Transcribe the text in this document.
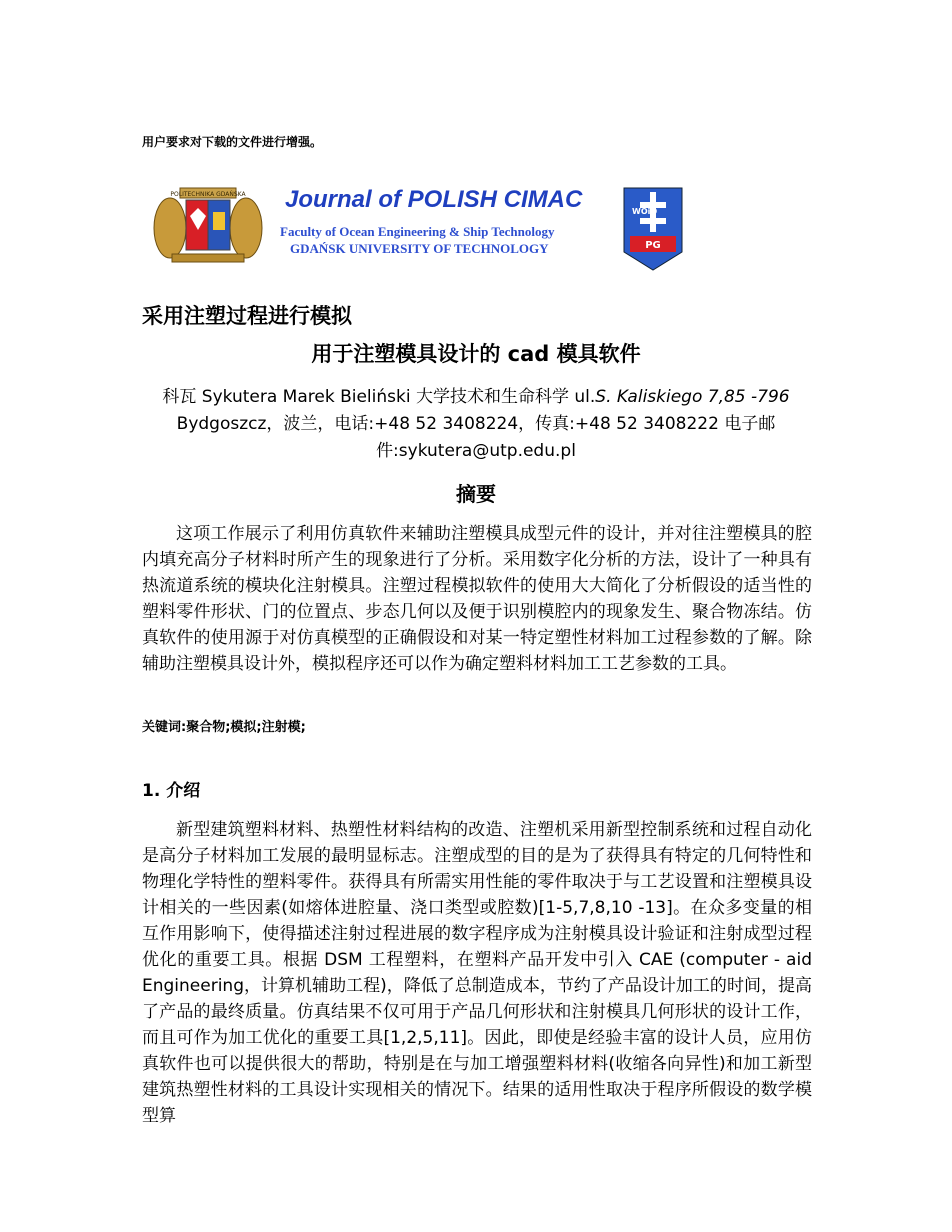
用户要求对下载的文件进行增强。
POLITECHNIKA GDAŃSKA Journal of POLISH CIMAC
Faculty of Ocean Engineering & Ship Technology
GDAŃSK UNIVERSITY OF TECHNOLOGY
WOiO
PG
采用注塑过程进行模拟
用于注塑模具设计的 cad 模具软件
科瓦 Sykutera Marek Bieliński 大学技术和生命科学 ul.S. Kaliskiego 7,85 -796 Bydgoszcz，波兰，电话:+48 52 3408224，传真:+48 52 3408222 电子邮件:sykutera@utp.edu.pl
摘要
这项工作展示了利用仿真软件来辅助注塑模具成型元件的设计，并对往注塑模具的腔内填充高分子材料时所产生的现象进行了分析。采用数字化分析的方法，设计了一种具有热流道系统的模块化注射模具。注塑过程模拟软件的使用大大简化了分析假设的适当性的塑料零件形状、门的位置点、步态几何以及便于识别模腔内的现象发生、聚合物冻结。仿真软件的使用源于对仿真模型的正确假设和对某一特定塑性材料加工过程参数的了解。除辅助注塑模具设计外，模拟程序还可以作为确定塑料材料加工工艺参数的工具。
关键词:聚合物;模拟;注射模;
1. 介绍
新型建筑塑料材料、热塑性材料结构的改造、注塑机采用新型控制系统和过程自动化是高分子材料加工发展的最明显标志。注塑成型的目的是为了获得具有特定的几何特性和物理化学特性的塑料零件。获得具有所需实用性能的零件取决于与工艺设置和注塑模具设计相关的一些因素(如熔体进腔量、浇口类型或腔数)[1-5,7,8,10 -13]。在众多变量的相互作用影响下，使得描述注射过程进展的数字程序成为注射模具设计验证和注射成型过程优化的重要工具。根据 DSM 工程塑料，在塑料产品开发中引入 CAE (computer - aid Engineering，计算机辅助工程)，降低了总制造成本，节约了产品设计加工的时间，提高了产品的最终质量。仿真结果不仅可用于产品几何形状和注射模具几何形状的设计工作，而且可作为加工优化的重要工具[1,2,5,11]。因此，即使是经验丰富的设计人员，应用仿真软件也可以提供很大的帮助，特别是在与加工增强塑料材料(收缩各向异性)和加工新型建筑热塑性材料的工具设计实现相关的情况下。结果的适用性取决于程序所假设的数学模型算
